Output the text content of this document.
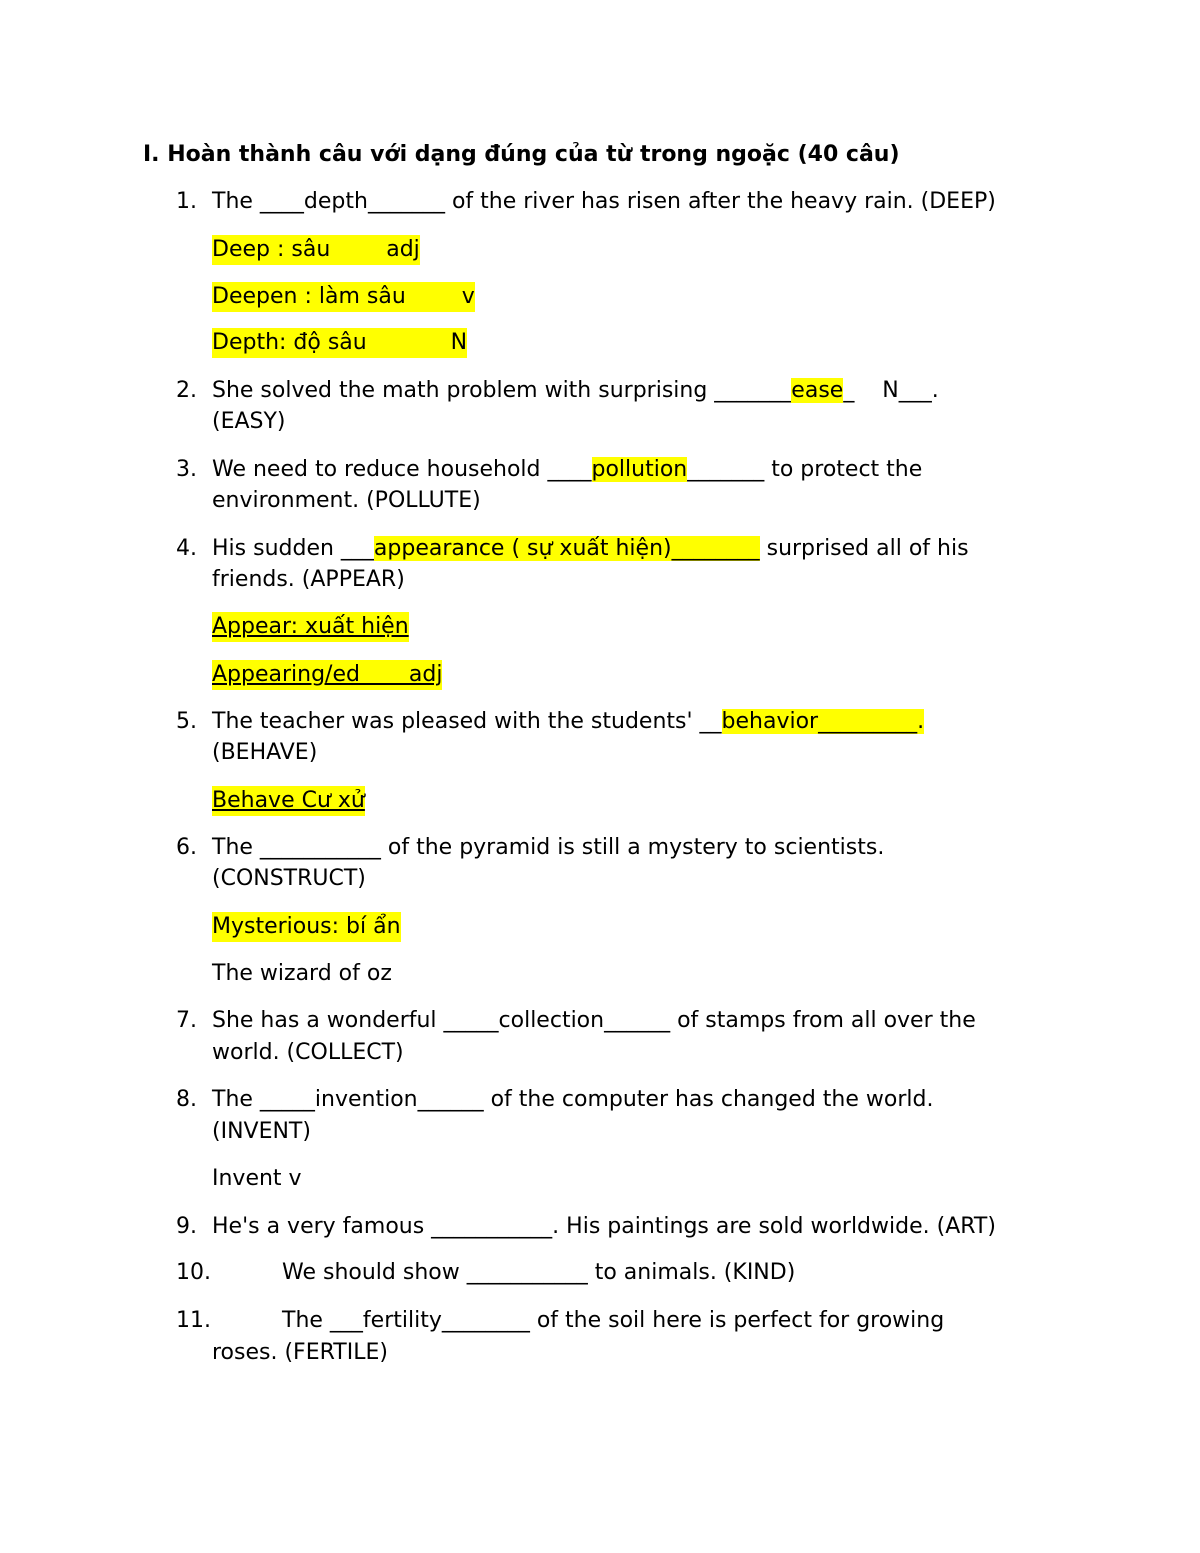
I. Hoàn thành câu với dạng đúng của từ trong ngoặc (40 câu)
1. The ____depth_______ of the river has risen after the heavy rain. (DEEP)
Deep : sâu        adj
Deepen : làm sâu        v
Depth: độ sâu            N
2. She solved the math problem with surprising _______ease_    N___.
(EASY)
3. We need to reduce household ____pollution_______ to protect the
environment. (POLLUTE)
4. His sudden ___appearance ( sự xuất hiện)________ surprised all of his
friends. (APPEAR)
Appear: xuất hiện
Appearing/ed       adj
5. The teacher was pleased with the students' __behavior_________.
(BEHAVE)
Behave Cư xử
6. The ___________ of the pyramid is still a mystery to scientists.
(CONSTRUCT)
Mysterious: bí ẩn
The wizard of oz
7. She has a wonderful _____collection______ of stamps from all over the
world. (COLLECT)
8. The _____invention______ of the computer has changed the world.
(INVENT)
Invent v
9. He's a very famous ___________. His paintings are sold worldwide. (ART)
10.	We should show ___________ to animals. (KIND)
11.	The ___fertility________ of the soil here is perfect for growing
roses. (FERTILE)
